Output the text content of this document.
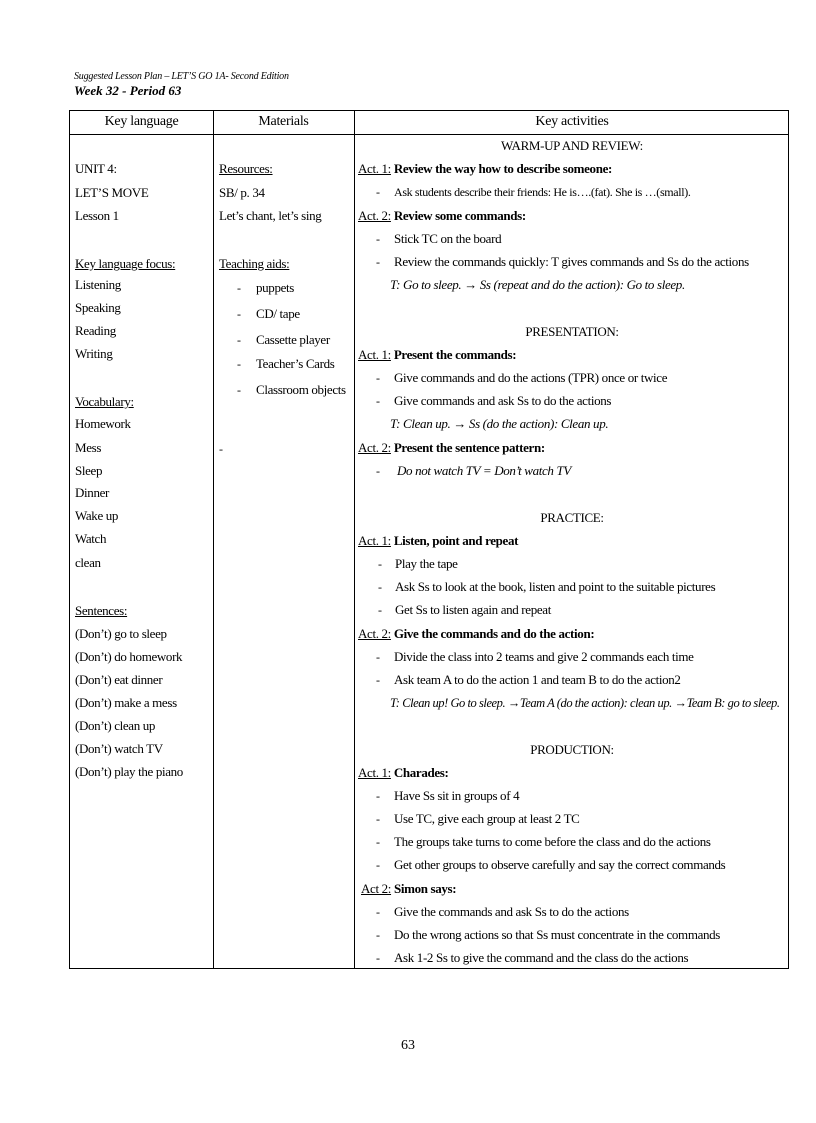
Suggested Lesson Plan – LET’S GO 1A- Second Edition
Week 32 - Period 63
Key language	Materials	Key activities
UNIT 4:
LET’S MOVE
Lesson 1
Key language focus:
Listening
Speaking
Reading
Writing
Vocabulary:
Homework
Mess
Sleep
Dinner
Wake up
Watch
clean
Sentences:
(Don’t) go to sleep
(Don’t) do homework
(Don’t) eat dinner
(Don’t) make a mess
(Don’t) clean up
(Don’t) watch TV
(Don’t) play the piano
Resources:
SB/ p. 34
Let’s chant, let’s sing
Teaching aids:
- puppets
- CD/ tape
- Cassette player
- Teacher’s Cards
- Classroom objects
-
WARM-UP AND REVIEW:
Act. 1: Review the way how to describe someone:
- Ask students describe their friends: He is….(fat). She is …(small).
Act. 2: Review some commands:
- Stick TC on the board
- Review the commands quickly: T gives commands and Ss do the actions
T: Go to sleep. → Ss (repeat and do the action): Go to sleep.
PRESENTATION:
Act. 1: Present the commands:
- Give commands and do the actions (TPR) once or twice
- Give commands and ask Ss to do the actions
T: Clean up. → Ss (do the action): Clean up.
Act. 2: Present the sentence pattern:
- Do not watch TV = Don’t watch TV
PRACTICE:
Act. 1: Listen, point and repeat
- Play the tape
- Ask Ss to look at the book, listen and point to the suitable pictures
- Get Ss to listen again and repeat
Act. 2: Give the commands and do the action:
- Divide the class into 2 teams and give 2 commands each time
- Ask team A to do the action 1 and team B to do the action2
T: Clean up! Go to sleep. →Team A (do the action): clean up. →Team B: go to sleep.
PRODUCTION:
Act. 1: Charades:
- Have Ss sit in groups of 4
- Use TC, give each group at least 2 TC
- The groups take turns to come before the class and do the actions
- Get other groups to observe carefully and say the correct commands
Act 2: Simon says:
- Give the commands and ask Ss to do the actions
- Do the wrong actions so that Ss must concentrate in the commands
- Ask 1-2 Ss to give the command and the class do the actions
63
